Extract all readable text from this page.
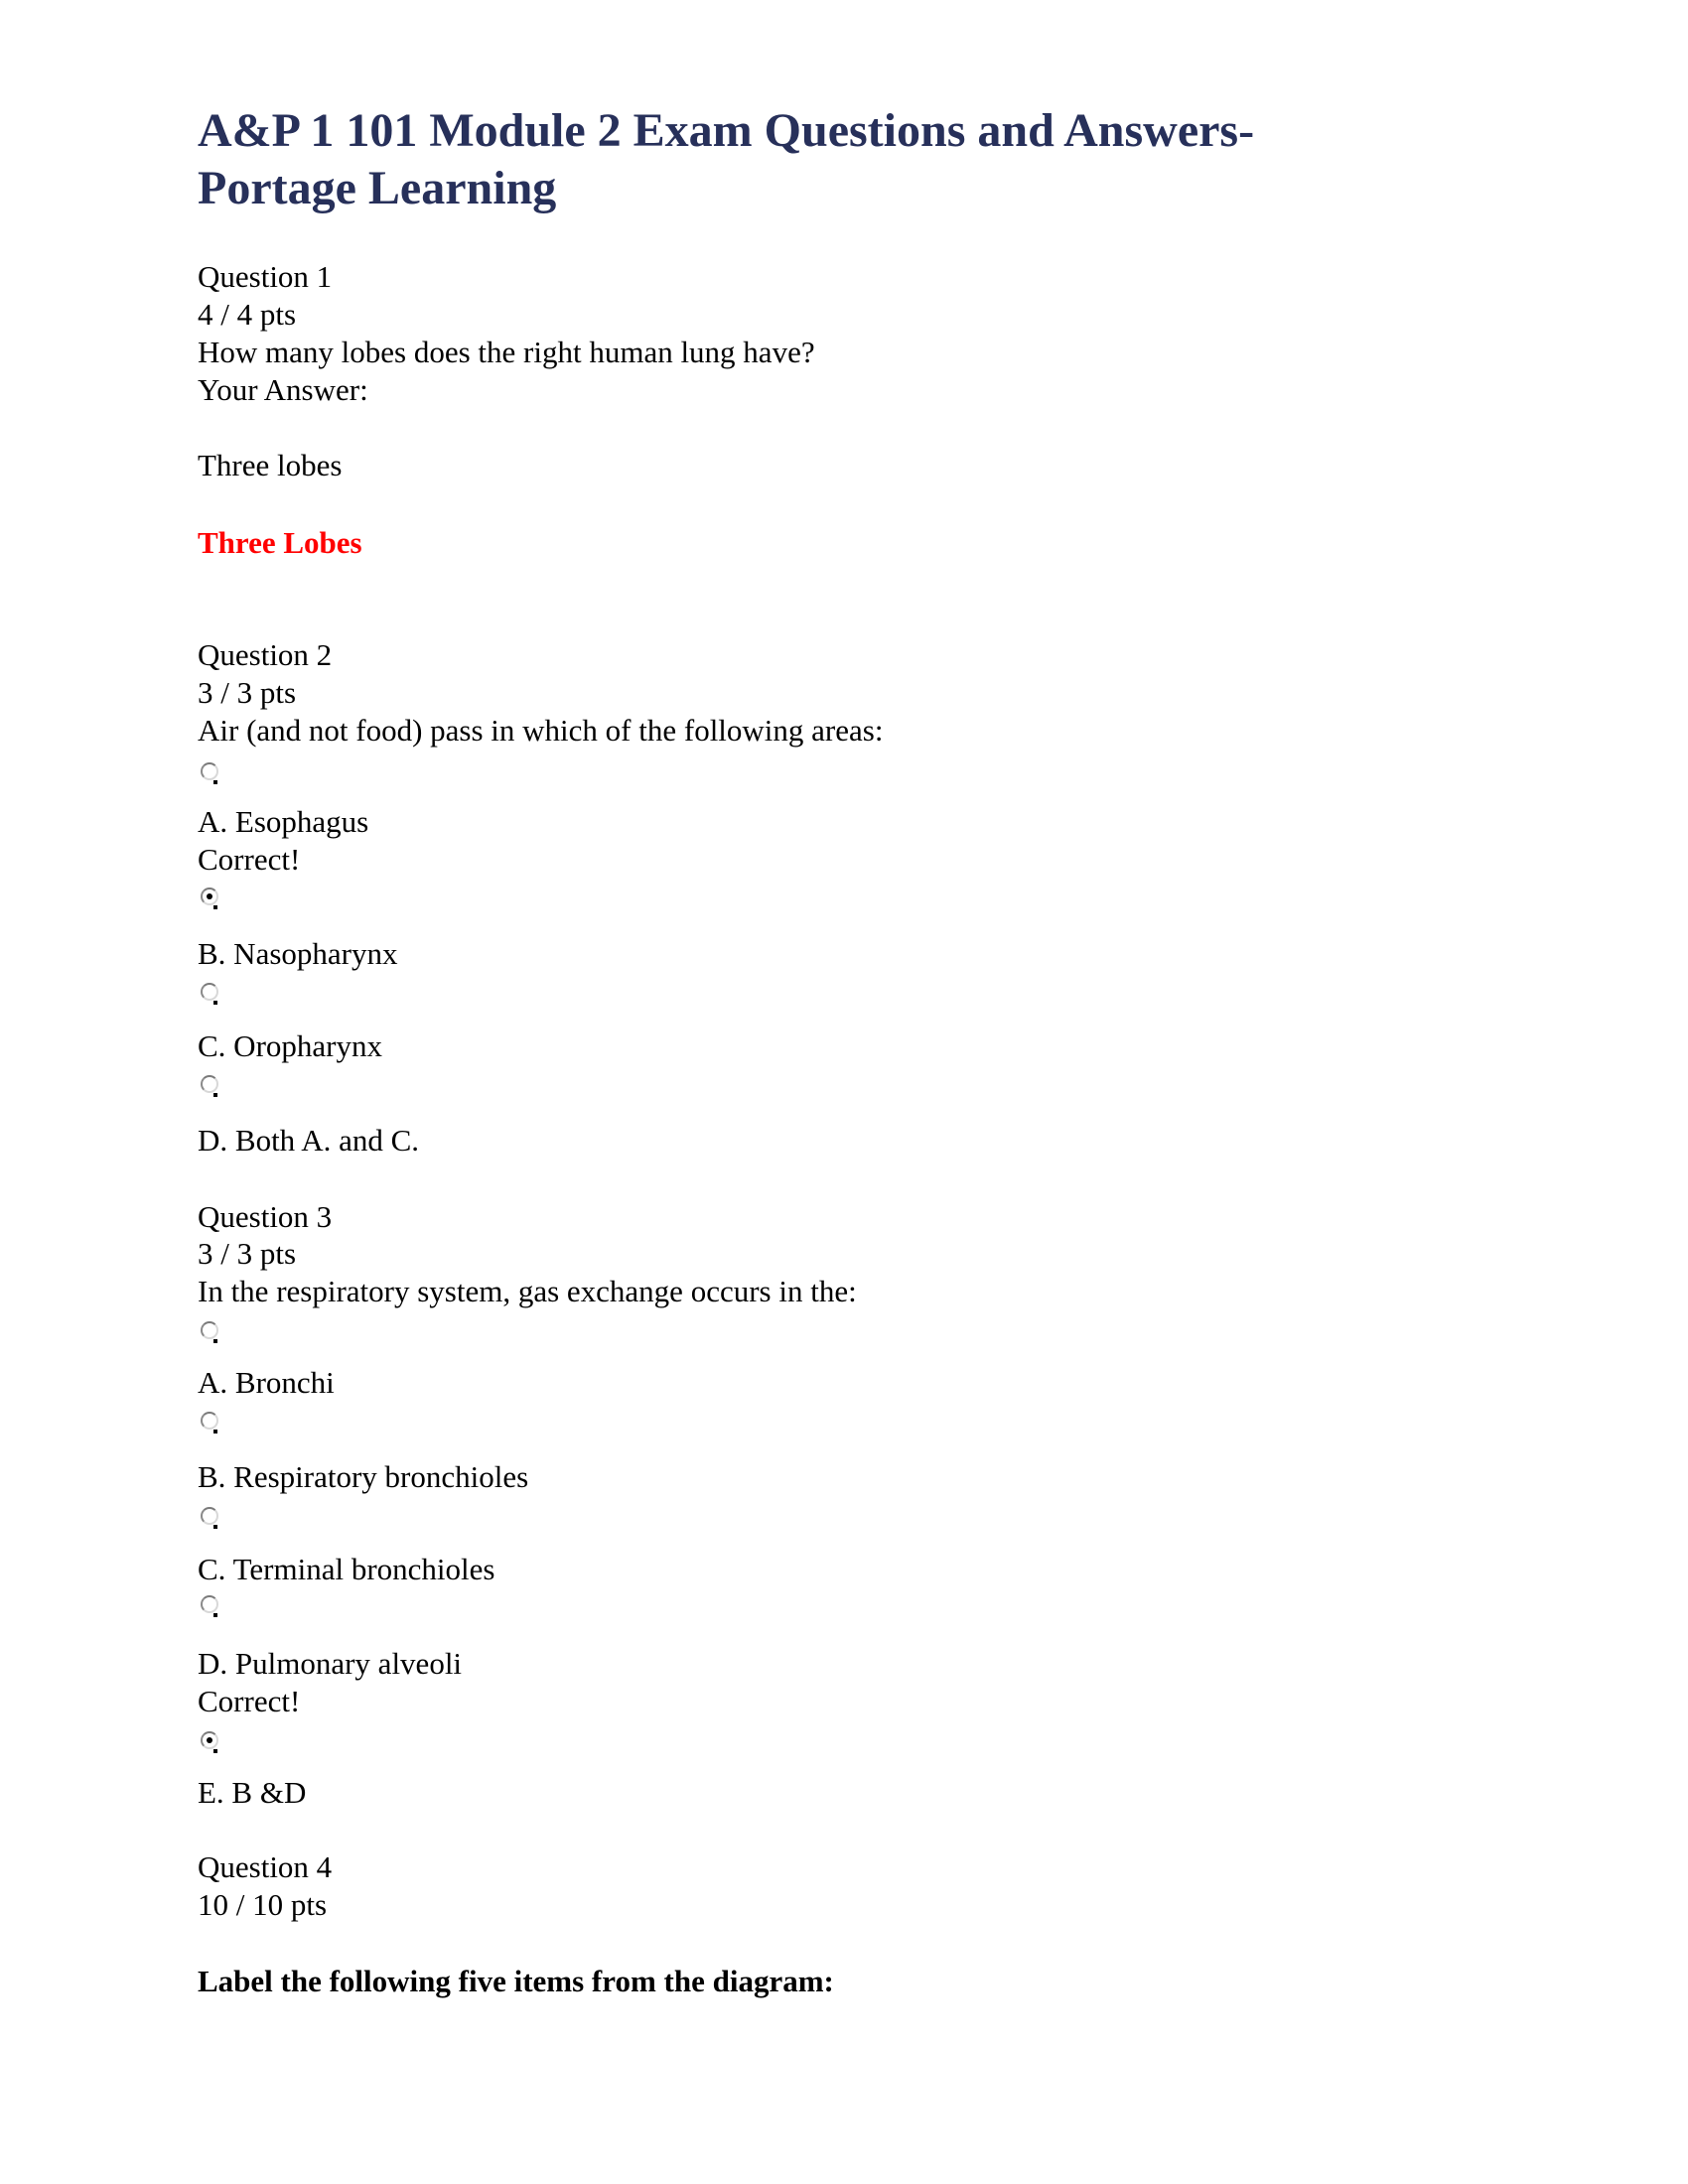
A&P 1 101 Module 2 Exam Questions and Answers-
Portage Learning
Question 1
4 / 4 pts
How many lobes does the right human lung have?
Your Answer:
Three lobes
Three Lobes
Question 2
3 / 3 pts
Air (and not food) pass in which of the following areas:
A. Esophagus
Correct!
B. Nasopharynx
C. Oropharynx
D. Both A. and C.
Question 3
3 / 3 pts
In the respiratory system, gas exchange occurs in the:
A. Bronchi
B. Respiratory bronchioles
C. Terminal bronchioles
D. Pulmonary alveoli
Correct!
E. B &D
Question 4
10 / 10 pts
Label the following five items from the diagram:
